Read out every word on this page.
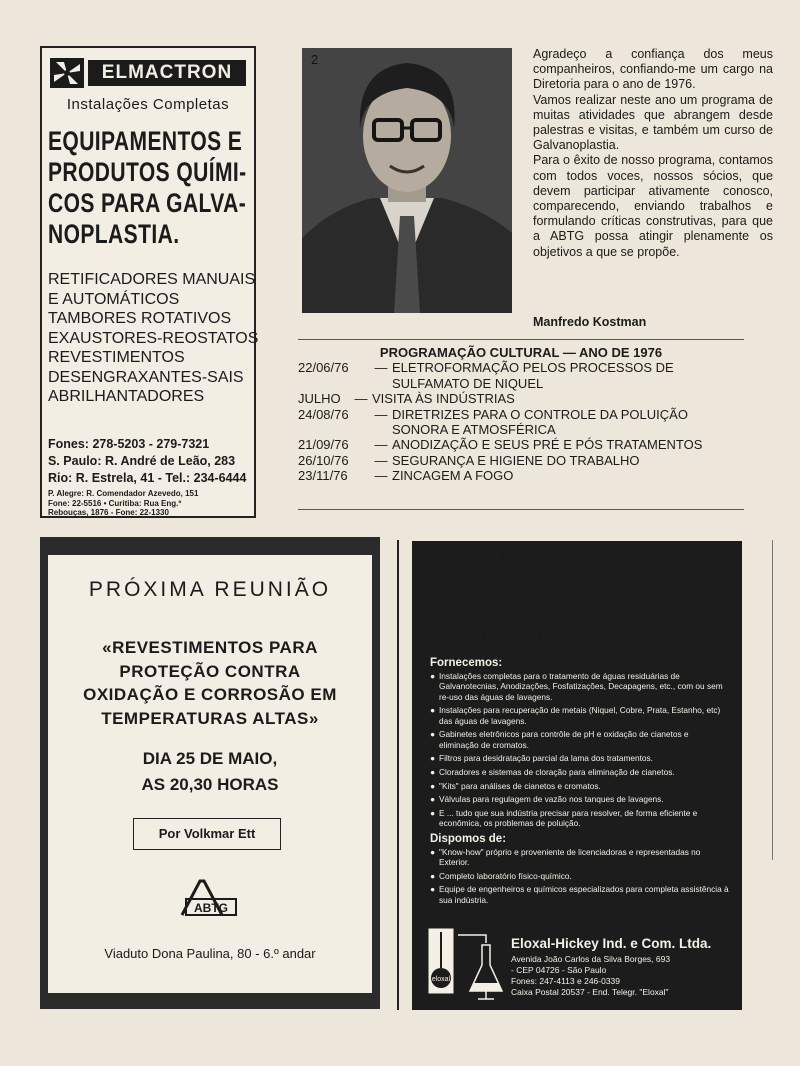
ELMACTRON
Instalações Completas
EQUIPAMENTOS E
PRODUTOS QUÍMI-
COS PARA GALVA-
NOPLASTIA.
RETIFICADORES MANUAIS
E AUTOMÁTICOS
TAMBORES ROTATIVOS
EXAUSTORES-REOSTATOS
REVESTIMENTOS
DESENGRAXANTES-SAIS
ABRILHANTADORES
Fones: 278-5203 - 279-7321
S. Paulo: R. André de Leão, 283
Rio: R. Estrela, 41 - Tel.: 234-6444
P. Alegre: R. Comendador Azevedo, 151
Fone: 22-5516 • Curitiba: Rua Eng.º
Rebouças, 1876 - Fone: 22-1330
2	Agradeço a confiança dos meus companheiros, confiando-me um cargo na Diretoria para o ano de 1976.

Vamos realizar neste ano um programa de muitas atividades que abrangem desde palestras e visitas, e também um curso de Galvanoplastia.

Para o êxito de nosso programa, contamos com todos voces, nossos sócios, que devem participar ativamente conosco, comparecendo, enviando trabalhos e formulando críticas construtivas, para que a ABTG possa atingir plenamente os objetivos a que se propõe.

Manfredo Kostman
PROGRAMAÇÃO CULTURAL — ANO DE 1976
22/06/76	— ELETROFORMAÇÃO PELOS PROCESSOS DE SULFAMATO DE NIQUEL
JULHO	— VISITA ÀS INDÚSTRIAS
24/08/76	— DIRETRIZES PARA O CONTROLE DA POLUIÇÃO SONORA E ATMOSFÉRICA
21/09/76	— ANODIZAÇÃO E SEUS PRÉ E PÓS TRATAMENTOS
26/10/76	— SEGURANÇA E HIGIENE DO TRABALHO
23/11/76	— ZINCAGEM A FOGO
PRÓXIMA REUNIÃO
«REVESTIMENTOS PARA
PROTEÇÃO CONTRA
OXIDAÇÃO E CORROSÃO EM
TEMPERATURAS ALTAS»
DIA 25 DE MAIO,
AS 20,30 HORAS
Por Volkmar Ett
ABTG
Viaduto Dona Paulina, 80 - 6.º andar
Para o
CONTRÔLE DA POLUIÇÃO
na indústria de
TRATAMENTOS SUPERFICIAIS
DE METAIS
Fornecemos:
● Instalações completas para o tratamento de águas residuárias de Galvanotecnias, Anodizações, Fosfatizações, Decapagens, etc., com ou sem re-uso das águas de lavagens.
● Instalações para recuperação de metais (Niquel, Cobre, Prata, Estanho, etc) das águas de lavagens.
● Gabinetes eletrônicos para contrôle de pH e oxidação de cianetos e eliminação de cromatos.
● Filtros para desidratação parcial da lama dos tratamentos.
● Cloradores e sistemas de cloração para eliminação de cianetos.
● "Kits" para análises de cianetos e cromatos.
● Válvulas para regulagem de vazão nos tanques de lavagens.
● E ... tudo que sua indústria precisar para resolver, de forma eficiente e econômica, os problemas de poluição.
Dispomos de:
● "Know-how" próprio e proveniente de licenciadoras e representadas no Exterior.
● Completo laboratório físico-químico.
● Equipe de engenheiros e químicos especializados para completa assistência à sua indústria.
eloxal
Eloxal-Hickey Ind. e Com. Ltda.
Avenida João Carlos da Silva Borges, 693
- CEP 04726 - São Paulo
Fones: 247-4113 e 246-0339
Caixa Postal 20537 - End. Telegr. "Eloxal"
